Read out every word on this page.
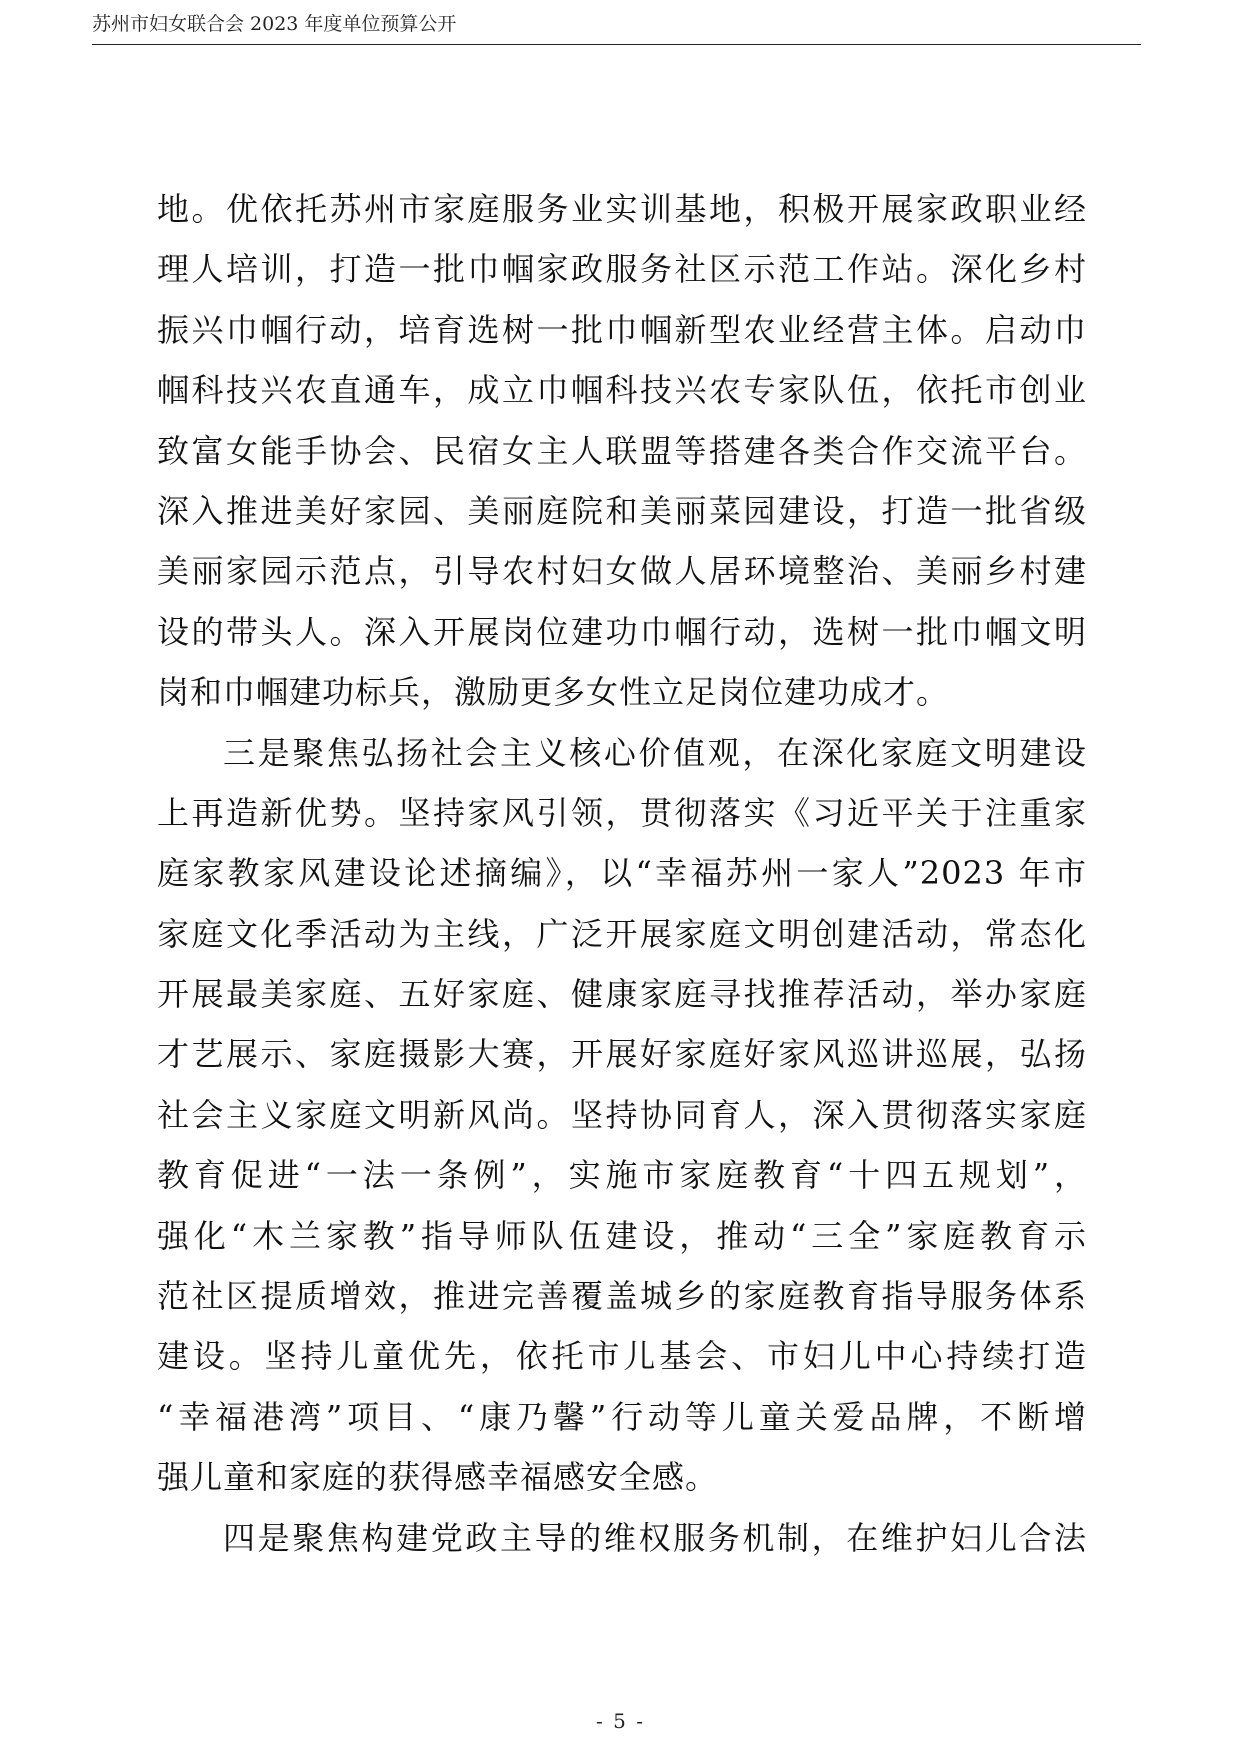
苏州市妇女联合会 2023 年度单位预算公开
地。优依托苏州市家庭服务业实训基地，积极开展家政职业经
理人培训，打造一批巾帼家政服务社区示范工作站。深化乡村
振兴巾帼行动，培育选树一批巾帼新型农业经营主体。启动巾
帼科技兴农直通车，成立巾帼科技兴农专家队伍，依托市创业
致富女能手协会、民宿女主人联盟等搭建各类合作交流平台。
深入推进美好家园、美丽庭院和美丽菜园建设，打造一批省级
美丽家园示范点，引导农村妇女做人居环境整治、美丽乡村建
设的带头人。深入开展岗位建功巾帼行动，选树一批巾帼文明
岗和巾帼建功标兵，激励更多女性立足岗位建功成才。
三是聚焦弘扬社会主义核心价值观，在深化家庭文明建设
上再造新优势。坚持家风引领，贯彻落实《习近平关于注重家
庭家教家风建设论述摘编》，以“幸福苏州一家人”2023 年市
家庭文化季活动为主线，广泛开展家庭文明创建活动，常态化
开展最美家庭、五好家庭、健康家庭寻找推荐活动，举办家庭
才艺展示、家庭摄影大赛，开展好家庭好家风巡讲巡展，弘扬
社会主义家庭文明新风尚。坚持协同育人，深入贯彻落实家庭
教育促进“一法一条例”，实施市家庭教育“十四五规划”，
强化“木兰家教”指导师队伍建设，推动“三全”家庭教育示
范社区提质增效，推进完善覆盖城乡的家庭教育指导服务体系
建设。坚持儿童优先，依托市儿基会、市妇儿中心持续打造
“幸福港湾”项目、“康乃馨”行动等儿童关爱品牌，不断增
强儿童和家庭的获得感幸福感安全感。
四是聚焦构建党政主导的维权服务机制，在维护妇儿合法
- 5 -
